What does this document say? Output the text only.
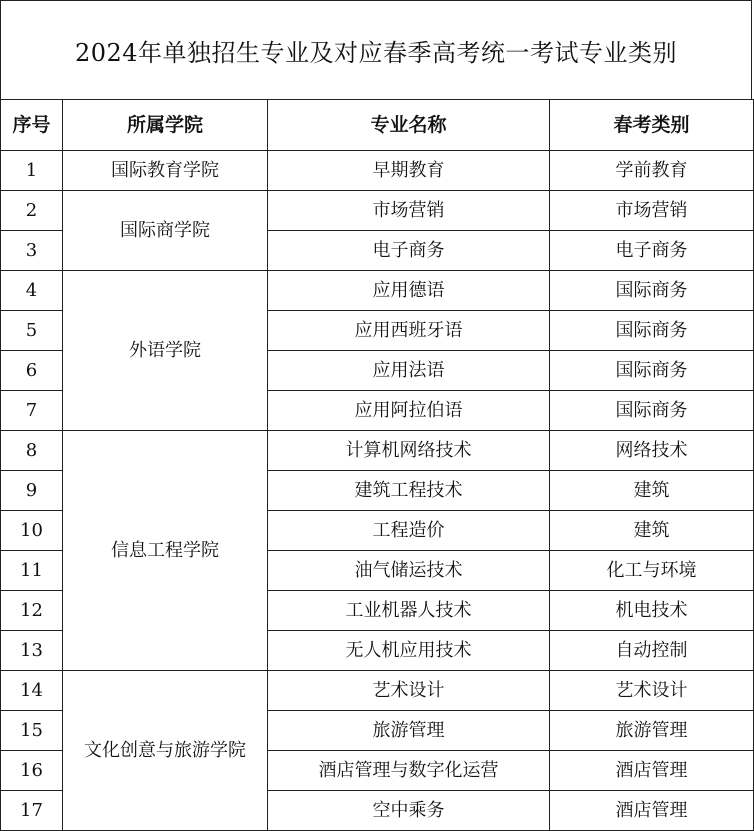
2024年单独招生专业及对应春季高考统一考试专业类别
序号	所属学院	专业名称	春考类别
1	国际教育学院	早期教育	学前教育
2	国际商学院	市场营销	市场营销
3		电子商务	电子商务
4	外语学院	应用德语	国际商务
5		应用西班牙语	国际商务
6		应用法语	国际商务
7		应用阿拉伯语	国际商务
8	信息工程学院	计算机网络技术	网络技术
9		建筑工程技术	建筑
10		工程造价	建筑
11		油气储运技术	化工与环境
12		工业机器人技术	机电技术
13		无人机应用技术	自动控制
14	文化创意与旅游学院	艺术设计	艺术设计
15		旅游管理	旅游管理
16		酒店管理与数字化运营	酒店管理
17		空中乘务	酒店管理
